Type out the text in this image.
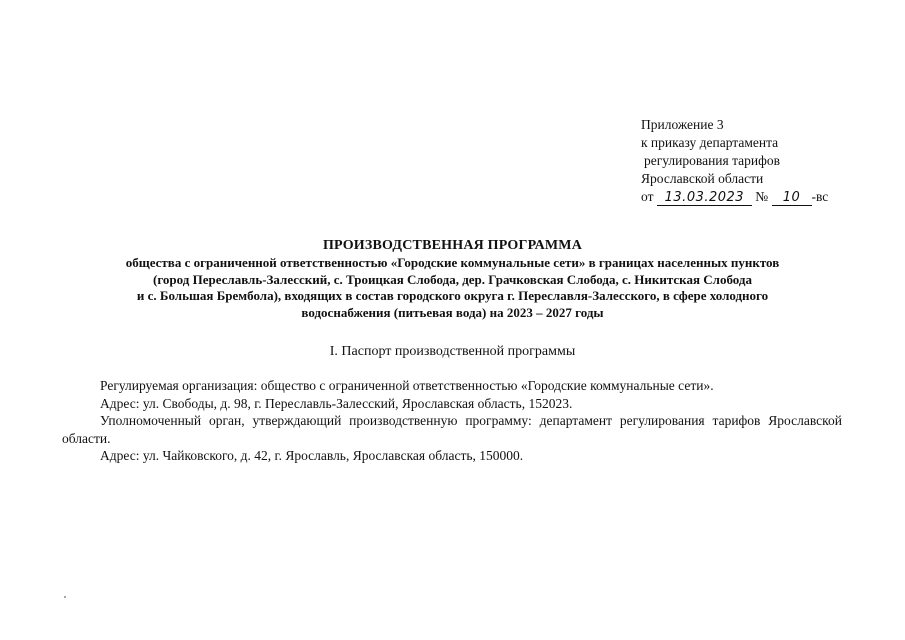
Приложение 3
к приказу департамента
регулирования тарифов
Ярославской области
от 13.03.2023 № 10 -вс
ПРОИЗВОДСТВЕННАЯ ПРОГРАММА
общества с ограниченной ответственностью «Городские коммунальные сети» в границах населенных пунктов
(город Переславль-Залесский, с. Троицкая Слобода, дер. Грачковская Слобода, с. Никитская Слобода
и с. Большая Брембола), входящих в состав городского округа г. Переславля-Залесского, в сфере холодного
водоснабжения (питьевая вода) на 2023 – 2027 годы
I. Паспорт производственной программы

Регулируемая организация: общество с ограниченной ответственностью «Городские коммунальные сети».

Адрес: ул. Свободы, д. 98, г. Переславль-Залесский, Ярославская область, 152023.

Уполномоченный орган, утверждающий производственную программу: департамент регулирования тарифов Ярославской области.

Адрес: ул. Чайковского, д. 42, г. Ярославль, Ярославская область, 150000.
